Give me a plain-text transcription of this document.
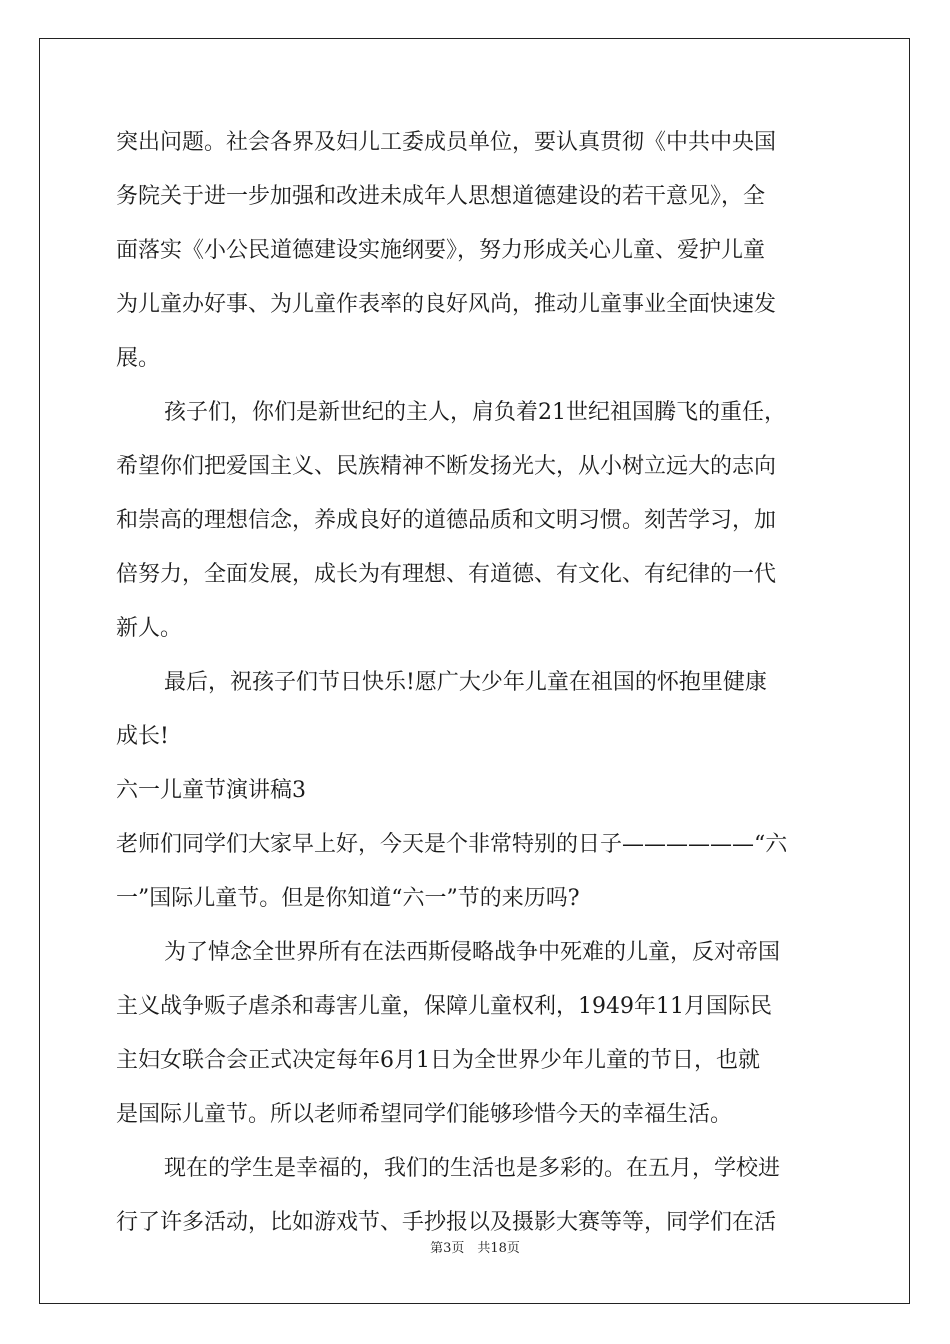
突出问题。社会各界及妇儿工委成员单位，要认真贯彻《中共中央国
务院关于进一步加强和改进未成年人思想道德建设的若干意见》，全
面落实《小公民道德建设实施纲要》，努力形成关心儿童、爱护儿童
为儿童办好事、为儿童作表率的良好风尚，推动儿童事业全面快速发
展。
孩子们，你们是新世纪的主人，肩负着21世纪祖国腾飞的重任，
希望你们把爱国主义、民族精神不断发扬光大，从小树立远大的志向
和崇高的理想信念，养成良好的道德品质和文明习惯。刻苦学习，加
倍努力，全面发展，成长为有理想、有道德、有文化、有纪律的一代
新人。
最后，祝孩子们节日快乐!愿广大少年儿童在祖国的怀抱里健康
成长!
六一儿童节演讲稿3
老师们同学们大家早上好，今天是个非常特别的日子——————“六
一”国际儿童节。但是你知道“六一”节的来历吗?
为了悼念全世界所有在法西斯侵略战争中死难的儿童，反对帝国
主义战争贩子虐杀和毒害儿童，保障儿童权利，1949年11月国际民
主妇女联合会正式决定每年6月1日为全世界少年儿童的节日，也就
是国际儿童节。所以老师希望同学们能够珍惜今天的幸福生活。
现在的学生是幸福的，我们的生活也是多彩的。在五月，学校进
行了许多活动，比如游戏节、手抄报以及摄影大赛等等，同学们在活
第3页　共18页
